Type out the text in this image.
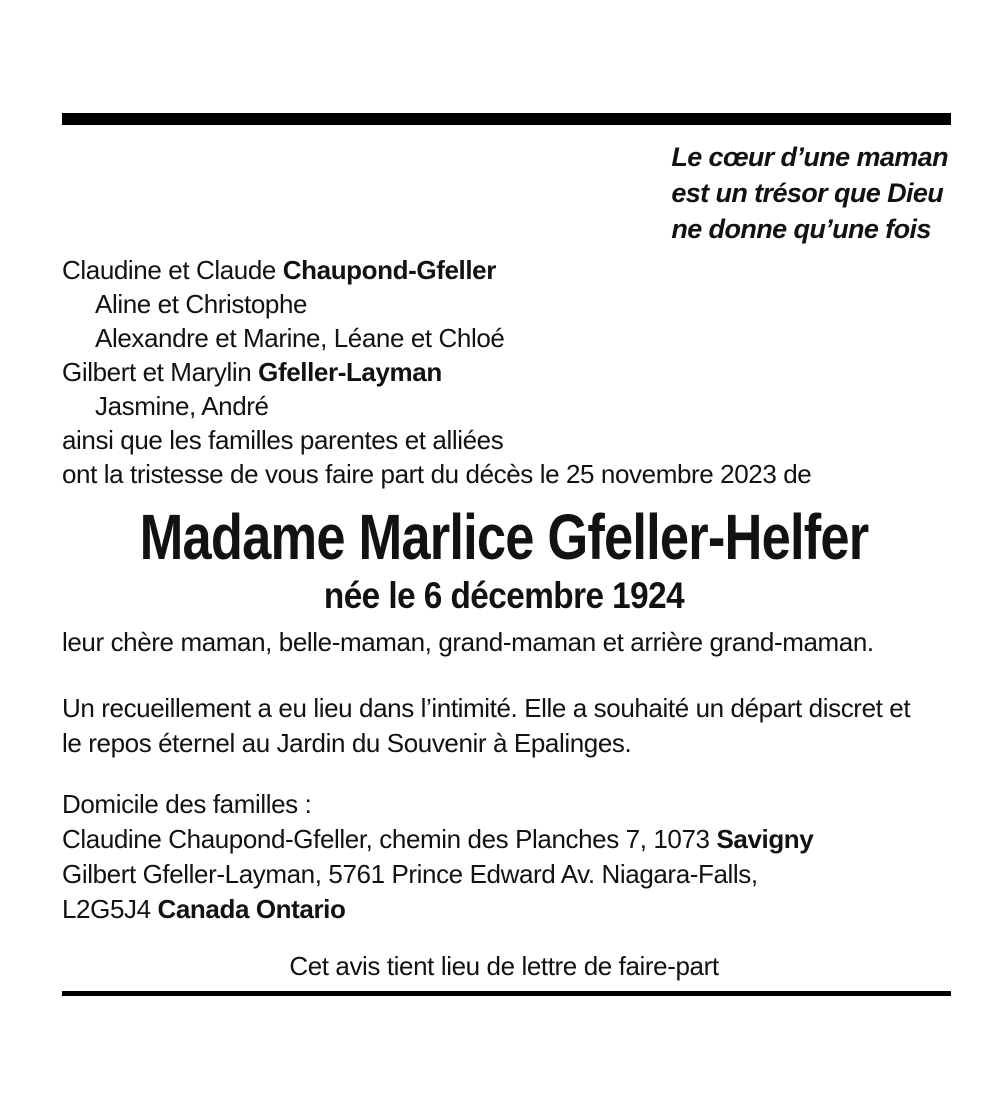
Le cœur d’une maman
est un trésor que Dieu
ne donne qu’une fois
Claudine et Claude Chaupond-Gfeller
Aline et Christophe
Alexandre et Marine, Léane et Chloé
Gilbert et Marylin Gfeller-Layman
Jasmine, André
ainsi que les familles parentes et alliées
ont la tristesse de vous faire part du décès le 25 novembre 2023 de
Madame Marlice Gfeller-Helfer
née le 6 décembre 1924
leur chère maman, belle-maman, grand-maman et arrière grand-maman.
Un recueillement a eu lieu dans l’intimité. Elle a souhaité un départ discret et
le repos éternel au Jardin du Souvenir à Epalinges.
Domicile des familles :
Claudine Chaupond-Gfeller, chemin des Planches 7, 1073 Savigny
Gilbert Gfeller-Layman, 5761 Prince Edward Av. Niagara-Falls,
L2G5J4 Canada Ontario
Cet avis tient lieu de lettre de faire-part
